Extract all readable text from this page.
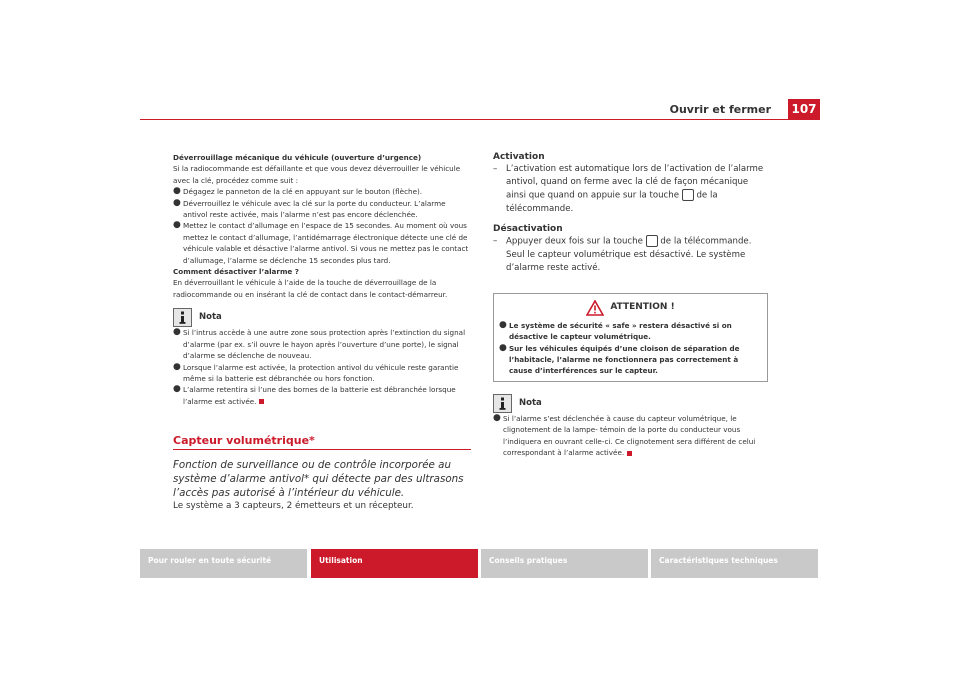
Ouvrir et fermer 107

Déverrouillage mécanique du véhicule (ouverture d’urgence)

Si la radiocommande est défaillante et que vous devez déverrouiller le véhicule avec la clé, procédez comme suit :

● Dégagez le panneton de la clé en appuyant sur le bouton (flèche).
● Déverrouillez le véhicule avec la clé sur la porte du conducteur. L’alarme antivol reste activée, mais l’alarme n’est pas encore déclenchée.
● Mettez le contact d’allumage en l’espace de 15 secondes. Au moment où vous mettez le contact d’allumage, l’antidémarrage électronique détecte une clé de véhicule valable et désactive l’alarme antivol. Si vous ne mettez pas le contact d’allumage, l’alarme se déclenche 15 secondes plus tard.

Comment désactiver l’alarme ?

En déverrouillant le véhicule à l’aide de la touche de déverrouillage de la radiocommande ou en insérant la clé de contact dans le contact-démarreur.

Nota
● Si l’intrus accède à une autre zone sous protection après l’extinction du signal d’alarme (par ex. s’il ouvre le hayon après l’ouverture d’une porte), le signal d’alarme se déclenche de nouveau.
● Lorsque l’alarme est activée, la protection antivol du véhicule reste garantie même si la batterie est débranchée ou hors fonction.
● L’alarme retentira si l’une des bornes de la batterie est débranchée lorsque l’alarme est activée.
Capteur volumétrique*

Fonction de surveillance ou de contrôle incorporée au système d’alarme antivol* qui détecte par des ultrasons l’accès pas autorisé à l’intérieur du véhicule.

Le système a 3 capteurs, 2 émetteurs et un récepteur.

Activation

–	L’activation est automatique lors de l’activation de l’alarme antivol, quand on ferme avec la clé de façon mécanique ainsi que quand on appuie sur la touche de la télécommande.

Désactivation

–	Appuyer deux fois sur la touche de la télécommande. Seul le capteur volumétrique est désactivé. Le système d’alarme reste activé.
ATTENTION !
● Le système de sécurité « safe » restera désactivé si on désactive le capteur volumétrique.
● Sur les véhicules équipés d’une cloison de séparation de l’habitacle, l’alarme ne fonctionnera pas correctement à cause d’interférences sur le capteur.
Nota
● Si l’alarme s’est déclenchée à cause du capteur volumétrique, le clignotement de la lampe- témoin de la porte du conducteur vous l’indiquera en ouvrant celle-ci. Ce clignotement sera différent de celui correspondant à l’alarme activée.
Pour rouler en toute sécurité	Utilisation	Conseils pratiques	Caractéristiques techniques
